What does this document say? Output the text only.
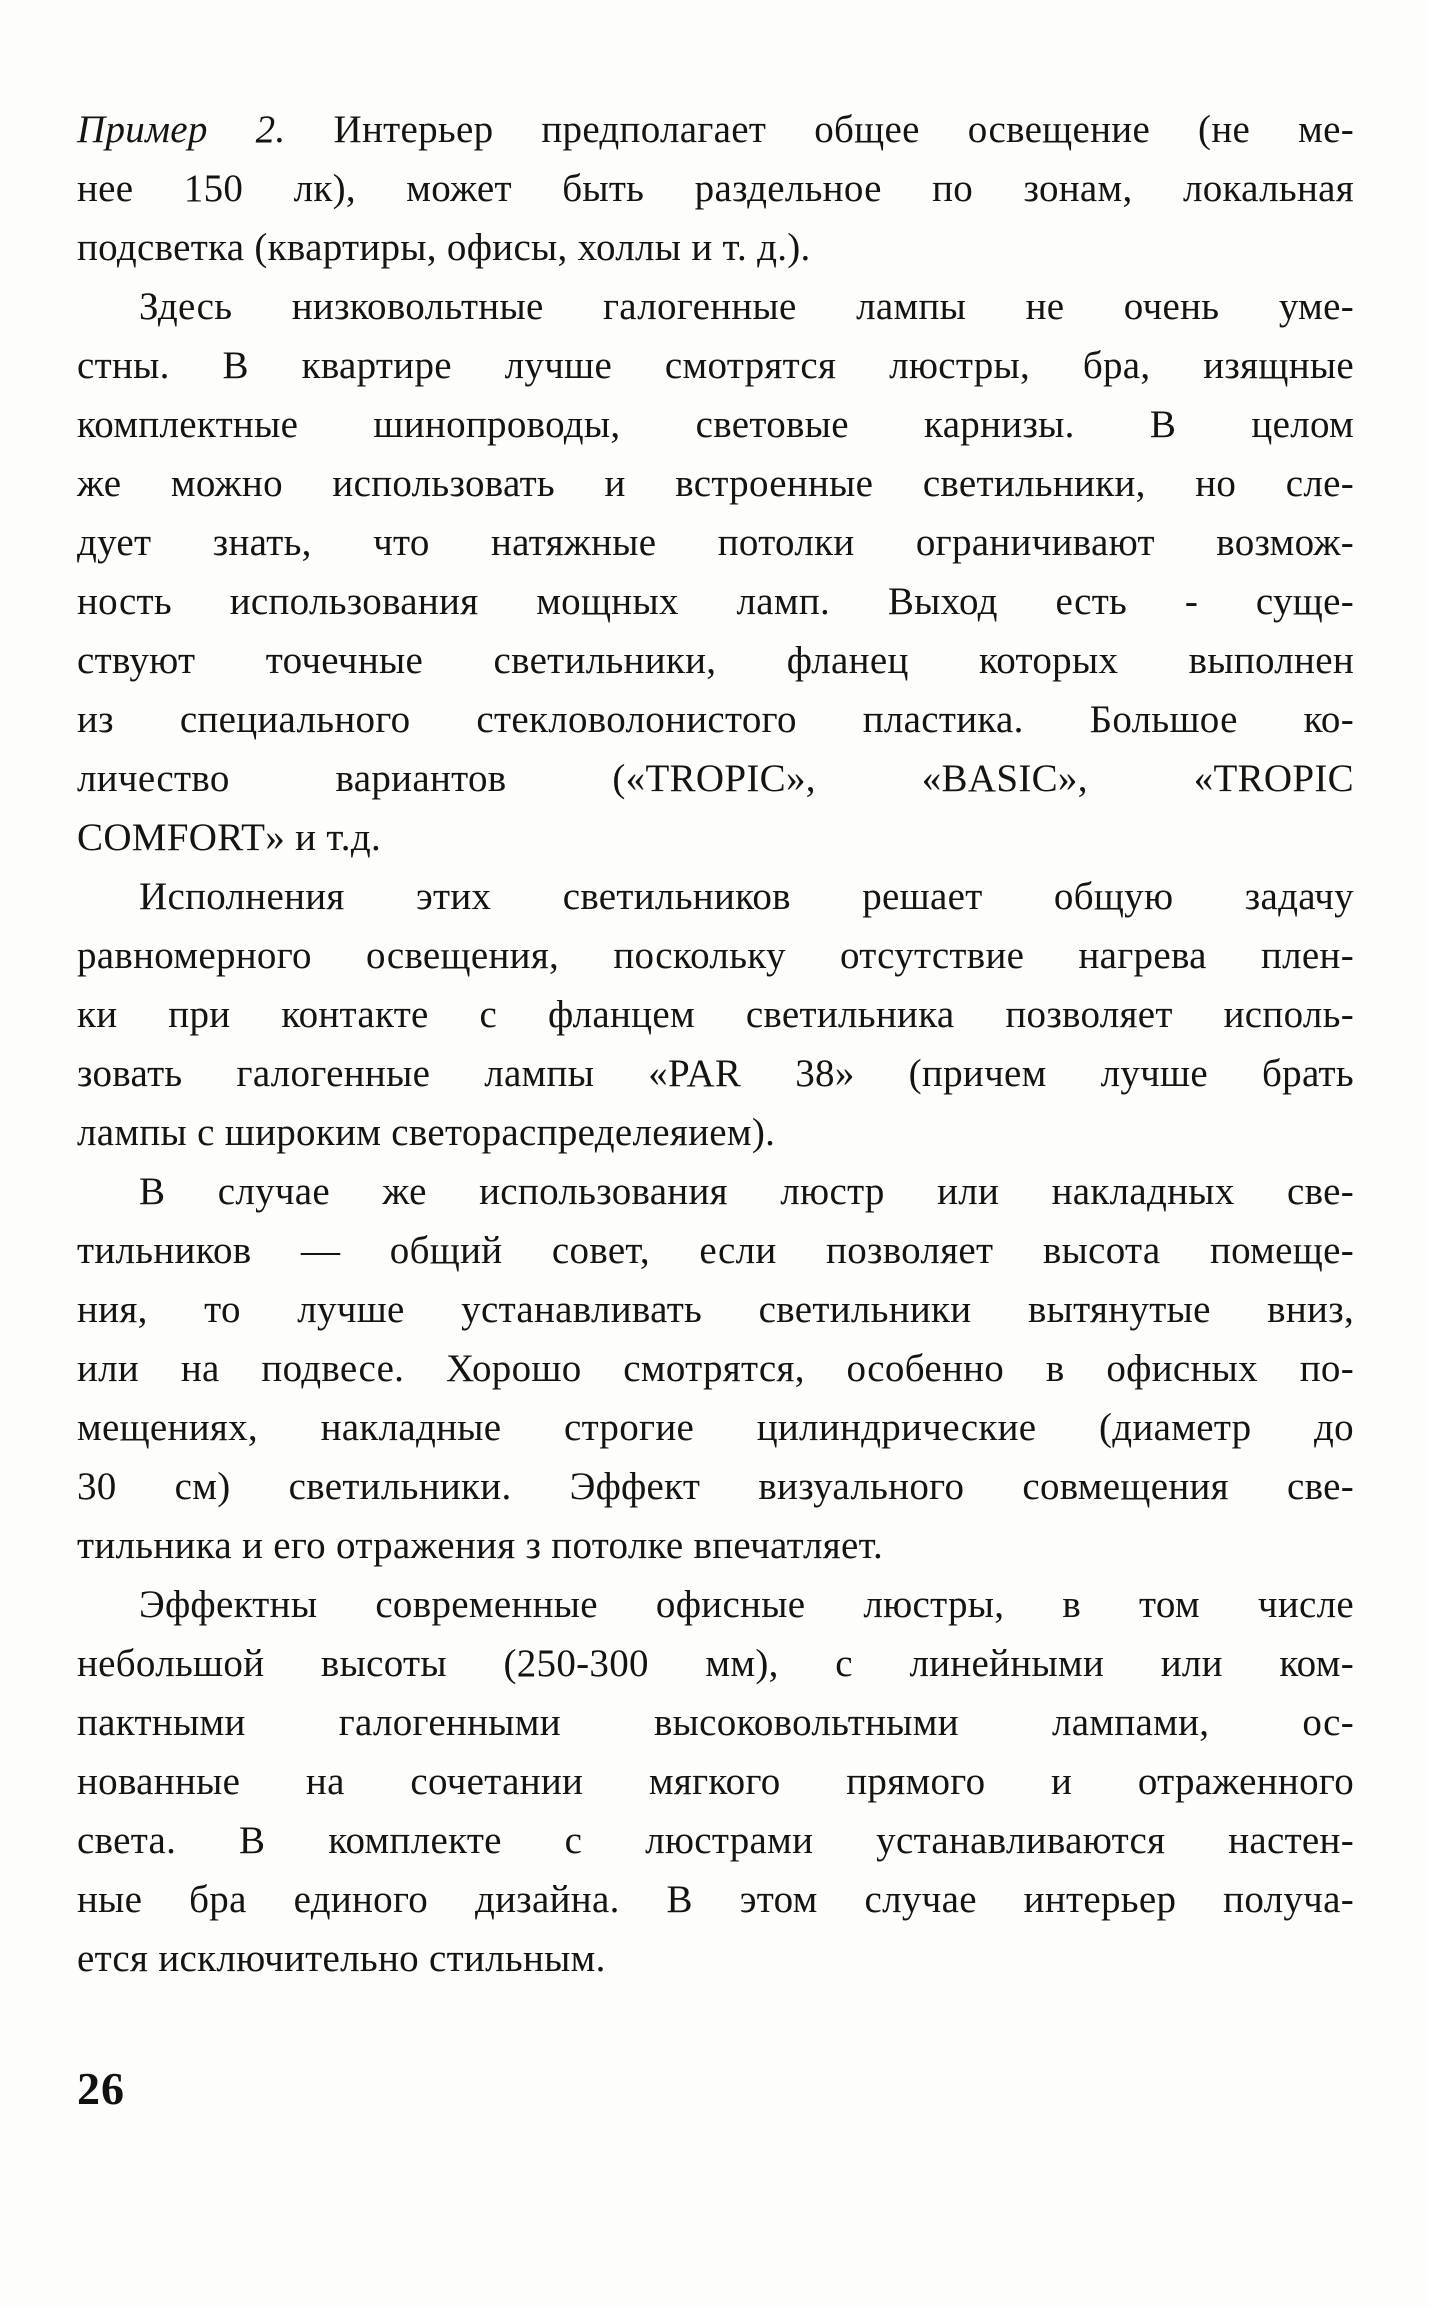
Пример 2. Интерьер предполагает общее освещение (не ме-

нее 150 лк), может быть раздельное по зонам, локальная

подсветка (квартиры, офисы, холлы и т. д.).

Здесь низковольтные галогенные лампы не очень уме-

стны. В квартире лучше смотрятся люстры, бра, изящные

комплектные шинопроводы, световые карнизы. В целом

же можно использовать и встроенные светильники, но сле-

дует знать, что натяжные потолки ограничивают возмож-

ность использования мощных ламп. Выход есть - суще-

ствуют точечные светильники, фланец которых выполнен

из специального стекловолонистого пластика. Большое ко-

личество вариантов («TROPIC», «BASIC», «TROPIC

COMFORT» и т.д.

Исполнения этих светильников решает общую задачу

равномерного освещения, поскольку отсутствие нагрева плен-

ки при контакте с фланцем светильника позволяет исполь-

зовать галогенные лампы «PAR 38» (причем лучше брать

лампы с широким светораспределеяием).

В случае же использования люстр или накладных све-

тильников — общий совет, если позволяет высота помеще-

ния, то лучше устанавливать светильники вытянутые вниз,

или на подвесе. Хорошо смотрятся, особенно в офисных по-

мещениях, накладные строгие цилиндрические (диаметр до

30 см) светильники. Эффект визуального совмещения све-

тильника и его отражения з потолке впечатляет.

Эффектны современные офисные люстры, в том числе

небольшой высоты (250-300 мм), с линейными или ком-

пактными галогенными высоковольтными лампами, ос-

нованные на сочетании мягкого прямого и отраженного

света. В комплекте с люстрами устанавливаются настен-

ные бра единого дизайна. В этом случае интерьер получа-

ется исключительно стильным.

26
